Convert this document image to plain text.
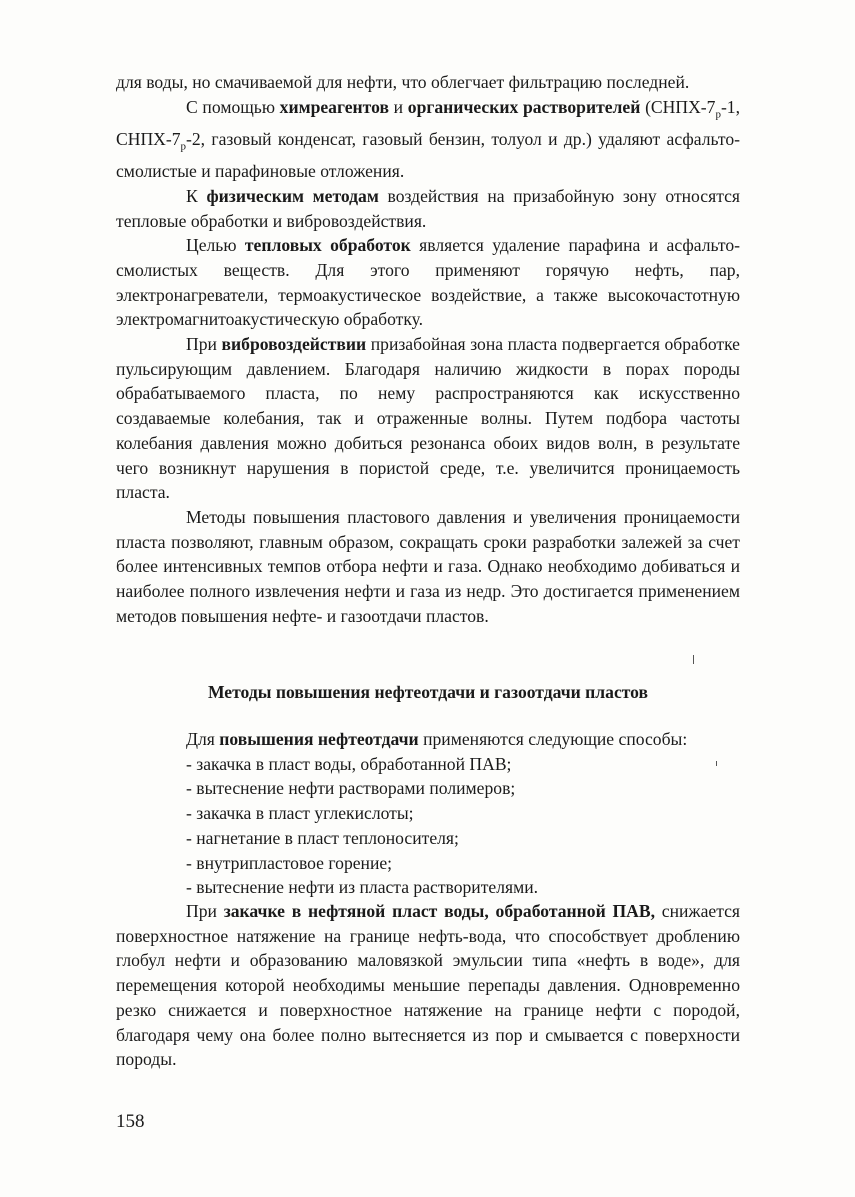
для воды, но смачиваемой для нефти, что облегчает фильтрацию последней.

С помощью химреагентов и органических растворителей ($СНПХ-7_р-1$, СНПХ-$7_р-2$, газовый конденсат, газовый бензин, толуол и др.) удаляют асфальто-смолистые и парафиновые отложения.

К физическим методам воздействия на призабойную зону относятся тепловые обработки и вибровоздействия.

Целью тепловых обработок является удаление парафина и асфальто-смолистых веществ. Для этого применяют горячую нефть, пар, электронагреватели, термоакустическое воздействие, а также высокочастотную электромагнитоакустическую обработку.

При вибровоздействии призабойная зона пласта подвергается обработке пульсирующим давлением. Благодаря наличию жидкости в порах породы обрабатываемого пласта, по нему распространяются как искусственно создаваемые колебания, так и отраженные волны. Путем подбора частоты колебания давления можно добиться резонанса обоих видов волн, в результате чего возникнут нарушения в пористой среде, т.е. увеличится проницаемость пласта.

Методы повышения пластового давления и увеличения проницаемости пласта позволяют, главным образом, сокращать сроки разработки залежей за счет более интенсивных темпов отбора нефти и газа. Однако необходимо добиваться и наиболее полного извлечения нефти и газа из недр. Это достигается применением методов повышения нефте- и газоотдачи пластов.

Методы повышения нефтеотдачи и газоотдачи пластов

Для повышения нефтеотдачи применяются следующие способы:

- закачка в пласт воды, обработанной ПАВ;

- вытеснение нефти растворами полимеров;

- закачка в пласт углекислоты;

- нагнетание в пласт теплоносителя;

- внутрипластовое горение;

- вытеснение нефти из пласта растворителями.

При закачке в нефтяной пласт воды, обработанной ПАВ, снижается поверхностное натяжение на границе нефть-вода, что способствует дроблению глобул нефти и образованию маловязкой эмульсии типа «нефть в воде», для перемещения которой необходимы меньшие перепады давления. Одновременно резко снижается и поверхностное натяжение на границе нефти с породой, благодаря чему она более полно вытесняется из пор и смывается с поверхности породы.

158
